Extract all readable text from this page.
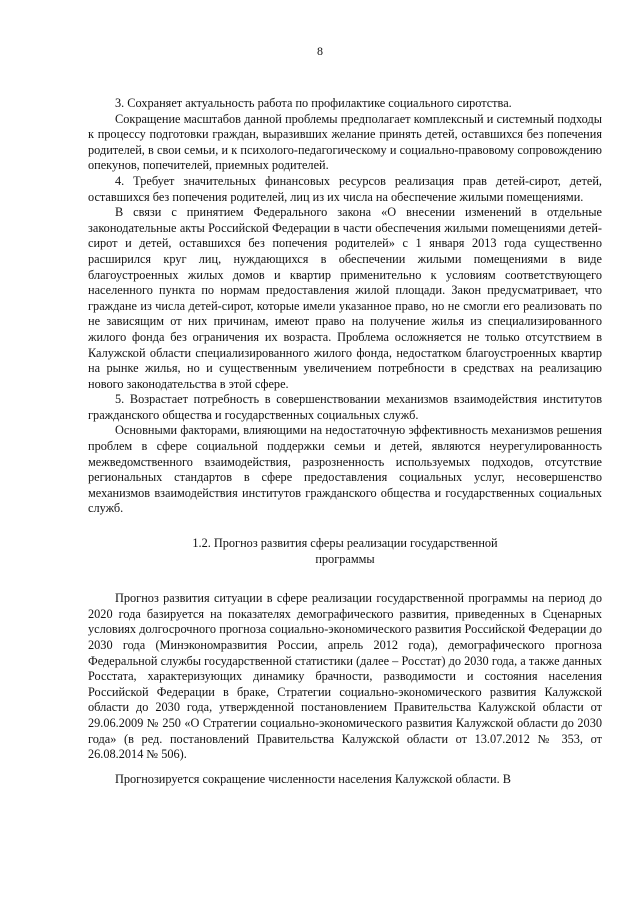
8

3. Сохраняет актуальность работа по профилактике социального сиротства.

Сокращение масштабов данной проблемы предполагает комплексный и системный подходы к процессу подготовки граждан, выразивших желание принять детей, оставшихся без попечения родителей, в свои семьи, и к психолого-педагогическому и социально-правовому сопровождению опекунов, попечителей, приемных родителей.

4. Требует значительных финансовых ресурсов реализация прав детей-сирот, детей, оставшихся без попечения родителей, лиц из их числа на обеспечение жилыми помещениями.

В связи с принятием Федерального закона «О внесении изменений в отдельные законодательные акты Российской Федерации в части обеспечения жилыми помещениями детей-сирот и детей, оставшихся без попечения родителей» с 1 января 2013 года существенно расширился круг лиц, нуждающихся в обеспечении жилыми помещениями в виде благоустроенных жилых домов и квартир применительно к условиям соответствующего населенного пункта по нормам предоставления жилой площади. Закон предусматривает, что граждане из числа детей-сирот, которые имели указанное право, но не смогли его реализовать по не зависящим от них причинам, имеют право на получение жилья из специализированного жилого фонда без ограничения их возраста. Проблема осложняется не только отсутствием в Калужской области специализированного жилого фонда, недостатком благоустроенных квартир на рынке жилья, но и существенным увеличением потребности в средствах на реализацию нового законодательства в этой сфере.

5. Возрастает потребность в совершенствовании механизмов взаимодействия институтов гражданского общества и государственных социальных служб.

Основными факторами, влияющими на недостаточную эффективность механизмов решения проблем в сфере социальной поддержки семьи и детей, являются неурегулированность межведомственного взаимодействия, разрозненность используемых подходов, отсутствие региональных стандартов в сфере предоставления социальных услуг, несовершенство механизмов взаимодействия институтов гражданского общества и государственных социальных служб.

1.2. Прогноз развития сферы реализации государственной

программы

Прогноз развития ситуации в сфере реализации государственной программы на период до 2020 года базируется на показателях демографического развития, приведенных в Сценарных условиях долгосрочного прогноза социально-экономического развития Российской Федерации до 2030 года (Минэкономразвития России, апрель 2012 года), демографического прогноза Федеральной службы государственной статистики (далее – Росстат) до 2030 года, а также данных Росстата, характеризующих динамику брачности, разводимости и состояния населения Российской Федерации в браке, Стратегии социально-экономического развития Калужской области до 2030 года, утвержденной постановлением Правительства Калужской области от 29.06.2009 № 250 «О Стратегии социально-экономического развития Калужской области до 2030 года» (в ред. постановлений Правительства Калужской области от 13.07.2012 № 353, от 26.08.2014 № 506).

Прогнозируется сокращение численности населения Калужской области. В
